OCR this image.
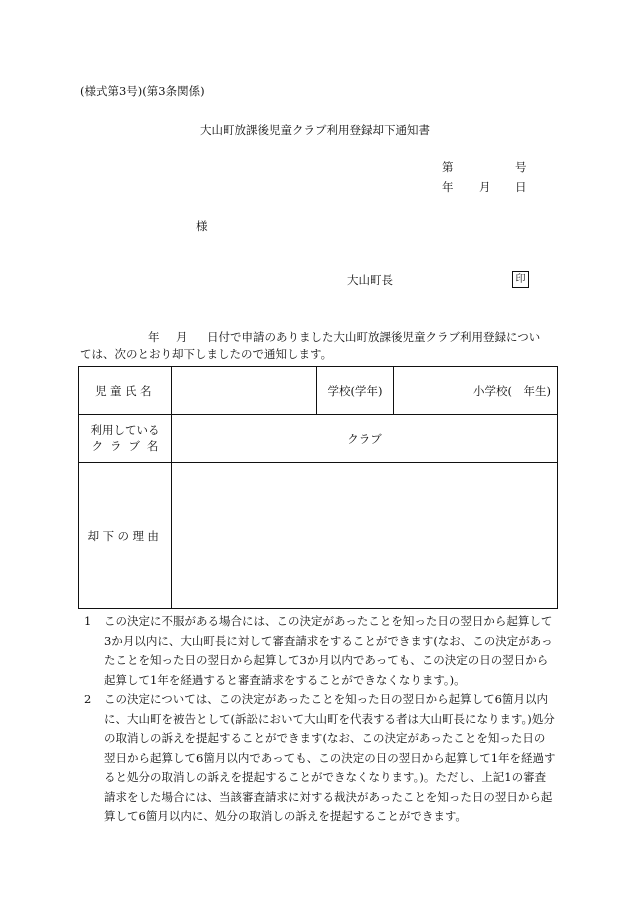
(様式第3号)(第3条関係)
大山町放課後児童クラブ利用登録却下通知書
第	号
年 月 日
様
大山町長	印
年 月 日付で申請のありました大山町放課後児童クラブ利用登録につい
ては、次のとおり却下しましたので通知します。
児童氏名		学校(学年)	小学校(　年生)

利用している
クラブ名	クラブ		
却下の理由			
1 この決定に不服がある場合には、この決定があったことを知った日の翌日から起算して3か月以内に、大山町長に対して審査請求をすることができます(なお、この決定があったことを知った日の翌日から起算して3か月以内であっても、この決定の日の翌日から起算して1年を経過すると審査請求をすることができなくなります。)。
2 この決定については、この決定があったことを知った日の翌日から起算して6箇月以内に、大山町を被告として(訴訟において大山町を代表する者は大山町長になります。)処分の取消しの訴えを提起することができます(なお、この決定があったことを知った日の翌日から起算して6箇月以内であっても、この決定の日の翌日から起算して1年を経過すると処分の取消しの訴えを提起することができなくなります。)。ただし、上記1の審査請求をした場合には、当該審査請求に対する裁決があったことを知った日の翌日から起算して6箇月以内に、処分の取消しの訴えを提起することができます。
